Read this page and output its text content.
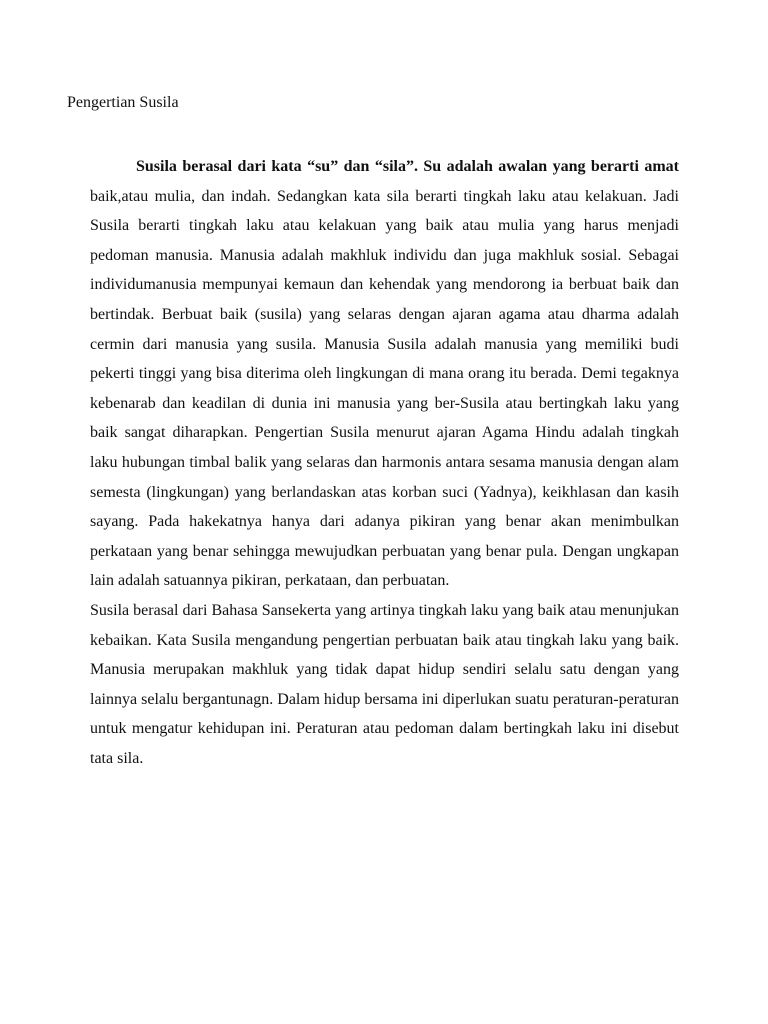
Pengertian Susila

Susila berasal dari kata “su” dan “sila”. Su adalah awalan yang berarti amat baik,atau mulia, dan indah. Sedangkan kata sila berarti tingkah laku atau kelakuan. Jadi Susila berarti tingkah laku atau kelakuan yang baik atau mulia yang harus menjadi pedoman manusia. Manusia adalah makhluk individu dan juga makhluk sosial. Sebagai individumanusia mempunyai kemaun dan kehendak yang mendorong ia berbuat baik dan bertindak. Berbuat baik (susila) yang selaras dengan ajaran agama atau dharma adalah cermin dari manusia yang susila. Manusia Susila adalah manusia yang memiliki budi pekerti tinggi yang bisa diterima oleh lingkungan di mana orang itu berada. Demi tegaknya kebenarab dan keadilan di dunia ini manusia yang ber-Susila atau bertingkah laku yang baik sangat diharapkan. Pengertian Susila menurut ajaran Agama Hindu adalah tingkah laku hubungan timbal balik yang selaras dan harmonis antara sesama manusia dengan alam semesta (lingkungan) yang berlandaskan atas korban suci (Yadnya), keikhlasan dan kasih sayang. Pada hakekatnya hanya dari adanya pikiran yang benar akan menimbulkan perkataan yang benar sehingga mewujudkan perbuatan yang benar pula. Dengan ungkapan lain adalah satuannya pikiran, perkataan, dan perbuatan.

Susila berasal dari Bahasa Sansekerta yang artinya tingkah laku yang baik atau menunjukan kebaikan. Kata Susila mengandung pengertian perbuatan baik atau tingkah laku yang baik. Manusia merupakan makhluk yang tidak dapat hidup sendiri selalu satu dengan yang lainnya selalu bergantunagn. Dalam hidup bersama ini diperlukan suatu peraturan-peraturan untuk mengatur kehidupan ini. Peraturan atau pedoman dalam bertingkah laku ini disebut tata sila.
